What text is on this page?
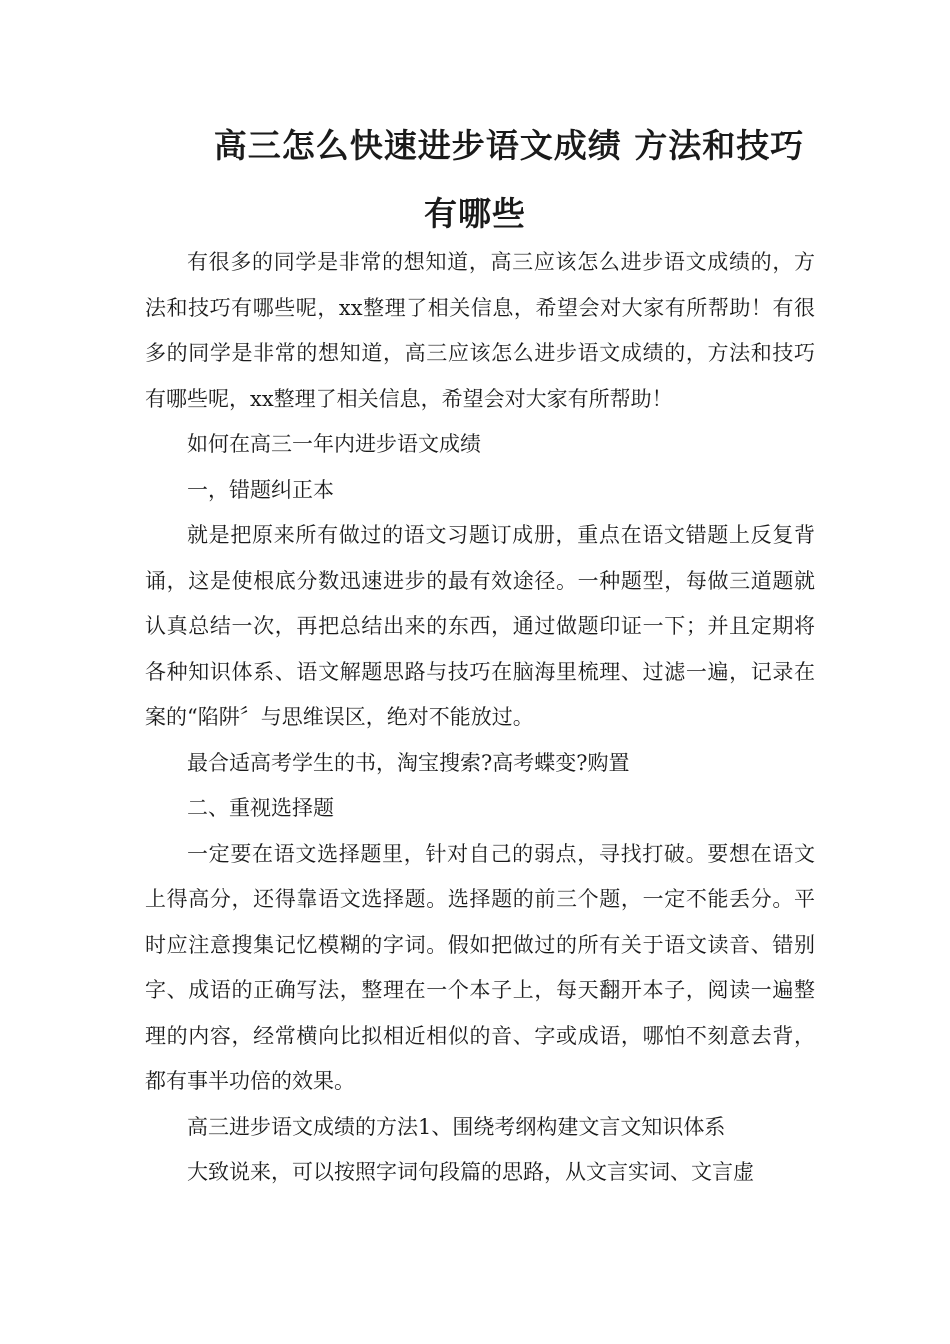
高三怎么快速进步语文成绩 方法和技巧
有哪些

有很多的同学是非常的想知道，高三应该怎么进步语文成绩的，方法和技巧有哪些呢，xx整理了相关信息，希望会对大家有所帮助！有很多的同学是非常的想知道，高三应该怎么进步语文成绩的，方法和技巧有哪些呢，xx整理了相关信息，希望会对大家有所帮助！

如何在高三一年内进步语文成绩

一，错题纠正本

就是把原来所有做过的语文习题订成册，重点在语文错题上反复背诵，这是使根底分数迅速进步的最有效途径。一种题型，每做三道题就认真总结一次，再把总结出来的东西，通过做题印证一下；并且定期将各种知识体系、语文解题思路与技巧在脑海里梳理、过滤一遍，记录在案的“陷阱〞与思维误区，绝对不能放过。

最合适高考学生的书，淘宝搜索?高考蝶变?购置

二、重视选择题

一定要在语文选择题里，针对自己的弱点，寻找打破。要想在语文上得高分，还得靠语文选择题。选择题的前三个题，一定不能丢分。平时应注意搜集记忆模糊的字词。假如把做过的所有关于语文读音、错别字、成语的正确写法，整理在一个本子上，每天翻开本子，阅读一遍整理的内容，经常横向比拟相近相似的音、字或成语，哪怕不刻意去背，都有事半功倍的效果。

高三进步语文成绩的方法1、围绕考纲构建文言文知识体系

大致说来，可以按照字词句段篇的思路，从文言实词、文言虚
